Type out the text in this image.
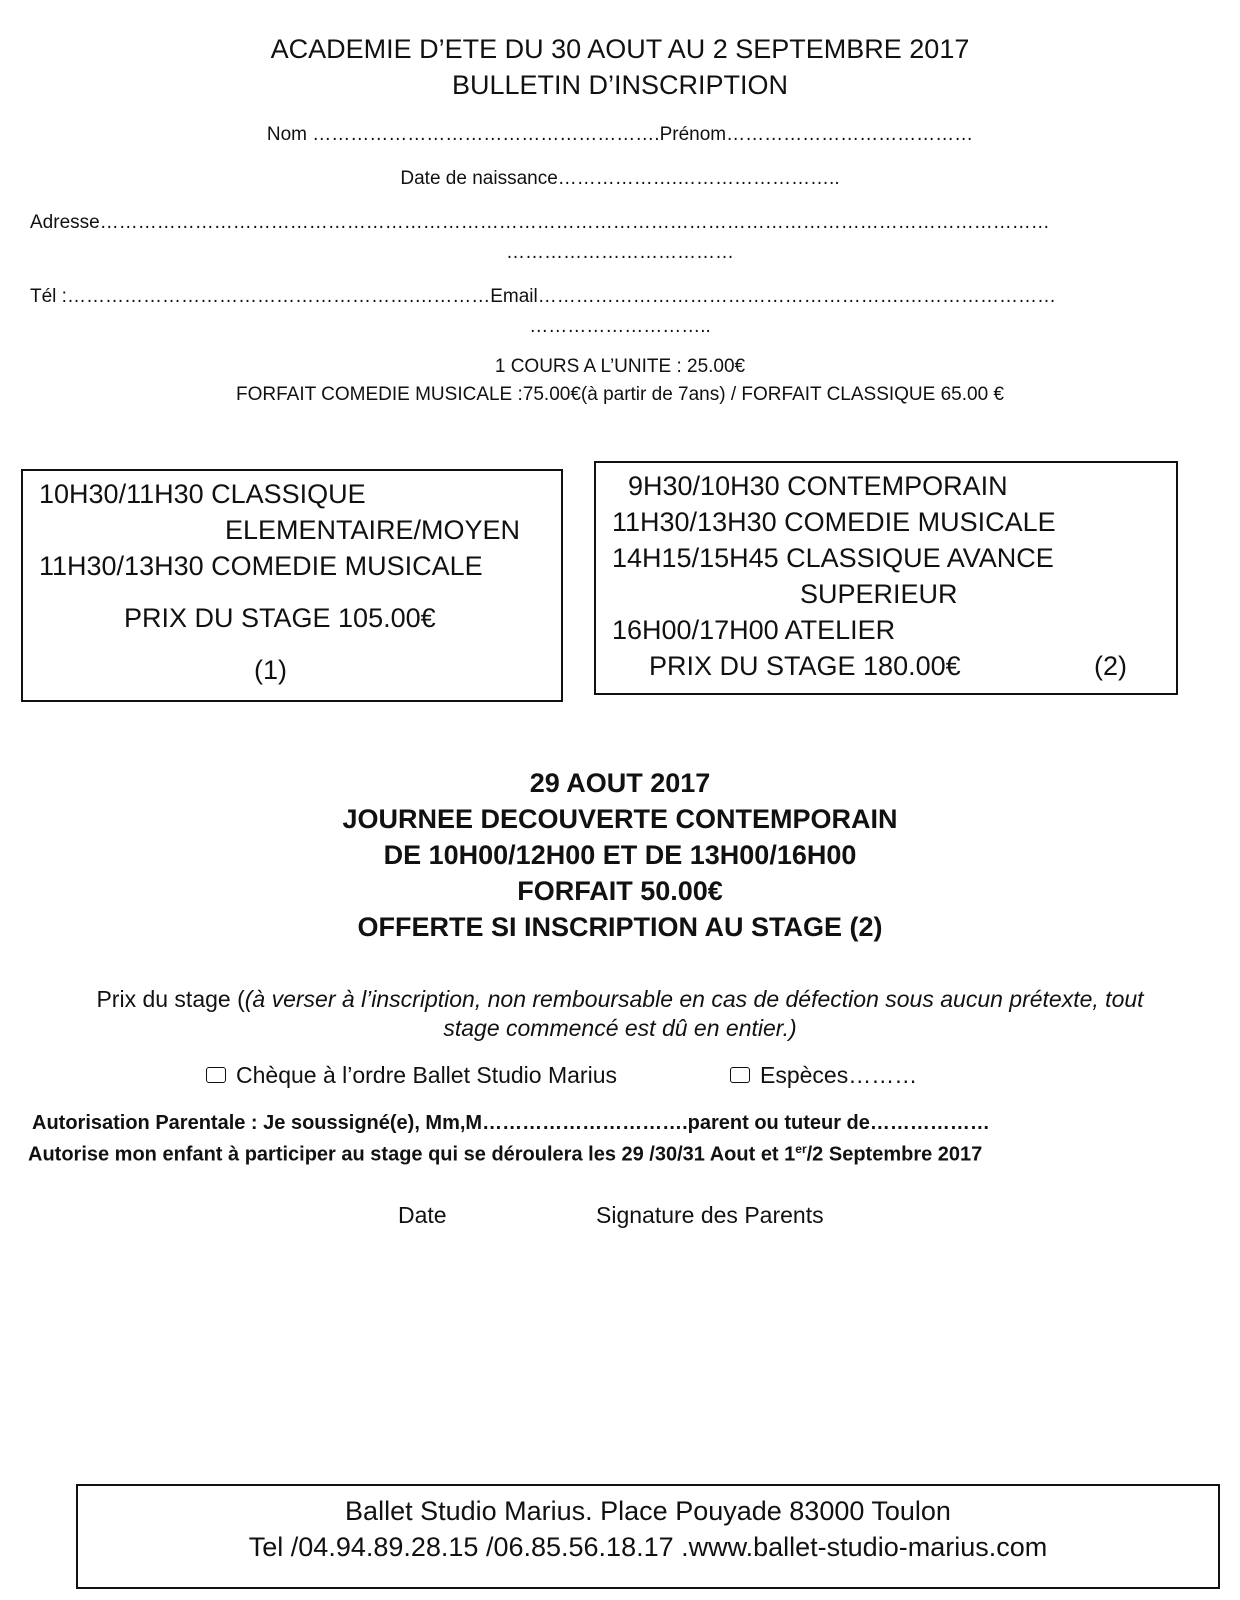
ACADEMIE D’ETE DU 30 AOUT AU 2 SEPTEMBRE 2017
BULLETIN D’INSCRIPTION
Nom ……………………………………………….Prénom…………………………………
Date de naissance……………….……………………..
Adresse……………………………………………………………………………………………………………………………………
………………………………
Tél :……………………………………………….…………Email………………………………………………….……………………
………………………..
1 COURS A L’UNITE : 25.00€
FORFAIT COMEDIE MUSICALE :75.00€(à partir de 7ans) / FORFAIT CLASSIQUE 65.00 €
10H30/11H30 CLASSIQUE
ELEMENTAIRE/MOYEN
11H30/13H30 COMEDIE MUSICALE
PRIX DU STAGE 105.00€
(1)
9H30/10H30 CONTEMPORAIN
11H30/13H30 COMEDIE MUSICALE
14H15/15H45 CLASSIQUE AVANCE
SUPERIEUR
16H00/17H00 ATELIER
PRIX DU STAGE 180.00€	(2)
29 AOUT 2017
JOURNEE DECOUVERTE CONTEMPORAIN
DE 10H00/12H00 ET DE 13H00/16H00
FORFAIT 50.00€
OFFERTE SI INSCRIPTION AU STAGE (2)
Prix du stage ((à verser à l’inscription, non remboursable en cas de défection sous aucun prétexte, tout
stage commencé est dû en entier.)
Chèque à l’ordre Ballet Studio Marius	Espèces………
Autorisation Parentale : Je soussigné(e), Mm,M………………………….parent ou tuteur de………………
Autorise mon enfant à participer au stage qui se déroulera les 29 /30/31 Aout et 1er/2 Septembre 2017
Date	Signature des Parents
Ballet Studio Marius. Place Pouyade 83000 Toulon
Tel /04.94.89.28.15 /06.85.56.18.17 .www.ballet-studio-marius.com
